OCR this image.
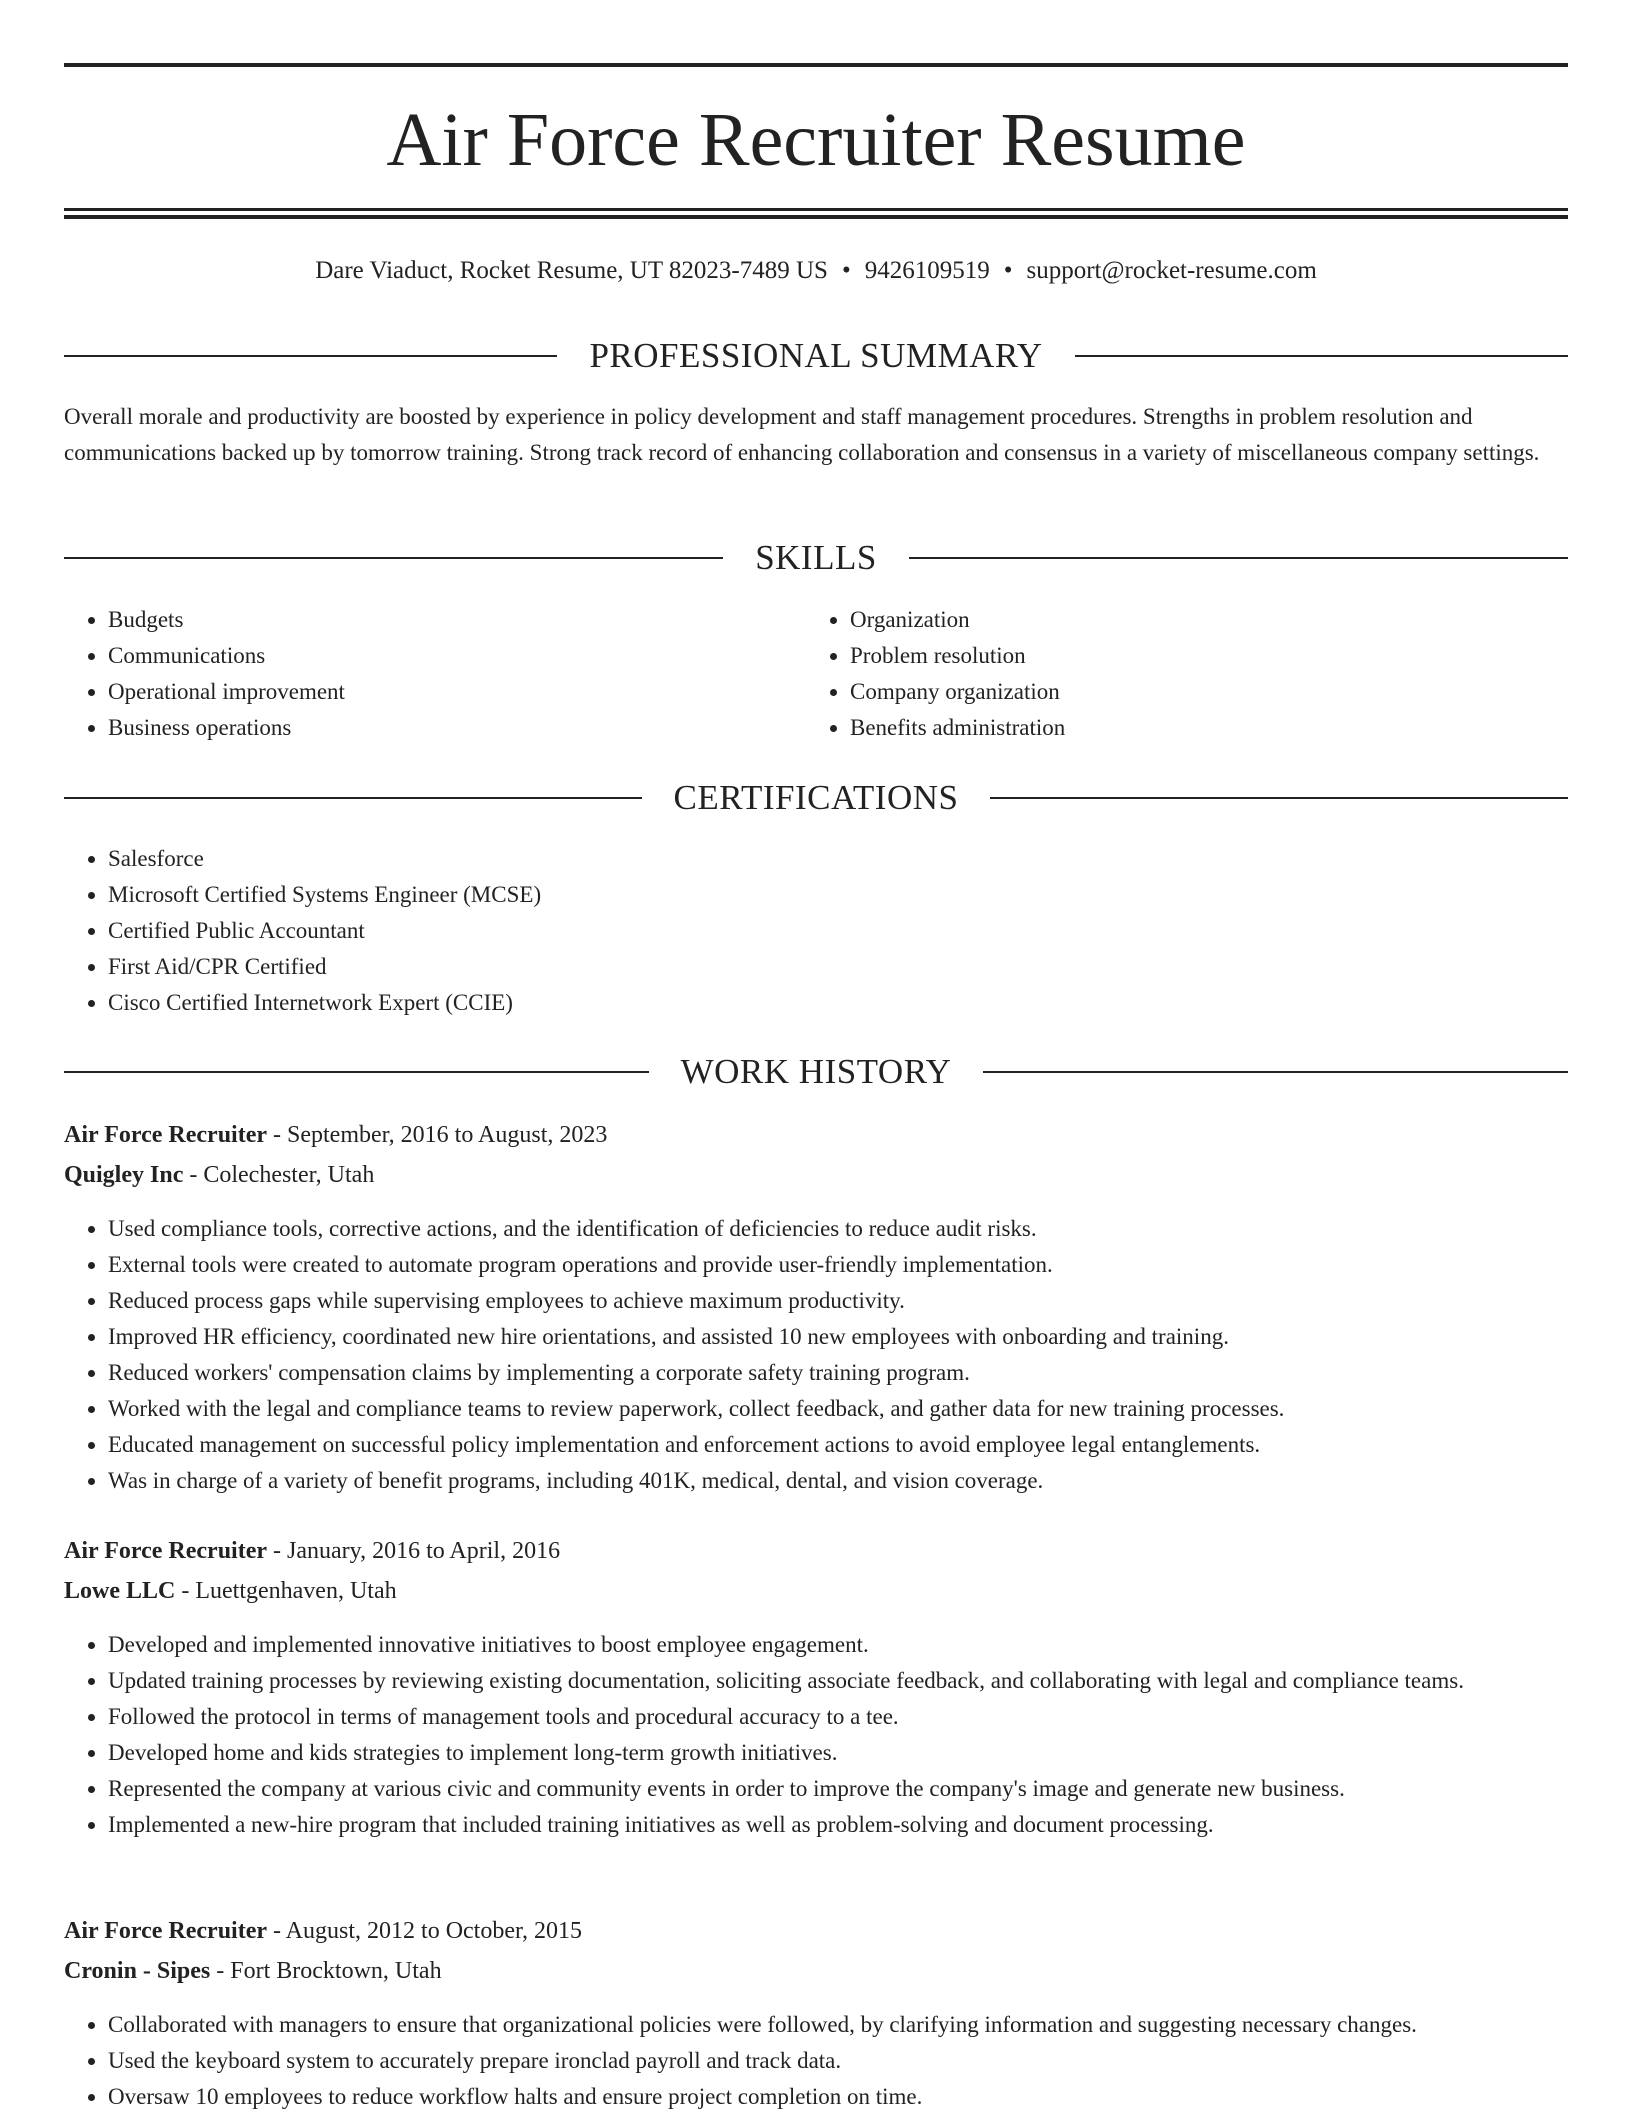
Air Force Recruiter Resume
Dare Viaduct, Rocket Resume, UT 82023-7489 US • 9426109519 • support@rocket-resume.com
PROFESSIONAL SUMMARY

Overall morale and productivity are boosted by experience in policy development and staff management procedures. Strengths in problem resolution and communications backed up by tomorrow training. Strong track record of enhancing collaboration and consensus in a variety of miscellaneous company settings.

SKILLS
• Budgets
• Communications
• Operational improvement
• Business operations
• Organization
• Problem resolution
• Company organization
• Benefits administration
CERTIFICATIONS
• Salesforce
• Microsoft Certified Systems Engineer (MCSE)
• Certified Public Accountant
• First Aid/CPR Certified
• Cisco Certified Internetwork Expert (CCIE)
WORK HISTORY
Air Force Recruiter - September, 2016 to August, 2023
Quigley Inc - Colechester, Utah
• Used compliance tools, corrective actions, and the identification of deficiencies to reduce audit risks.
• External tools were created to automate program operations and provide user-friendly implementation.
• Reduced process gaps while supervising employees to achieve maximum productivity.
• Improved HR efficiency, coordinated new hire orientations, and assisted 10 new employees with onboarding and training.
• Reduced workers' compensation claims by implementing a corporate safety training program.
• Worked with the legal and compliance teams to review paperwork, collect feedback, and gather data for new training processes.
• Educated management on successful policy implementation and enforcement actions to avoid employee legal entanglements.
• Was in charge of a variety of benefit programs, including 401K, medical, dental, and vision coverage.
Air Force Recruiter - January, 2016 to April, 2016
Lowe LLC - Luettgenhaven, Utah
• Developed and implemented innovative initiatives to boost employee engagement.
• Updated training processes by reviewing existing documentation, soliciting associate feedback, and collaborating with legal and compliance teams.
• Followed the protocol in terms of management tools and procedural accuracy to a tee.
• Developed home and kids strategies to implement long-term growth initiatives.
• Represented the company at various civic and community events in order to improve the company's image and generate new business.
• Implemented a new-hire program that included training initiatives as well as problem-solving and document processing.
Air Force Recruiter - August, 2012 to October, 2015
Cronin - Sipes - Fort Brocktown, Utah
• Collaborated with managers to ensure that organizational policies were followed, by clarifying information and suggesting necessary changes.
• Used the keyboard system to accurately prepare ironclad payroll and track data.
• Oversaw 10 employees to reduce workflow halts and ensure project completion on time.
